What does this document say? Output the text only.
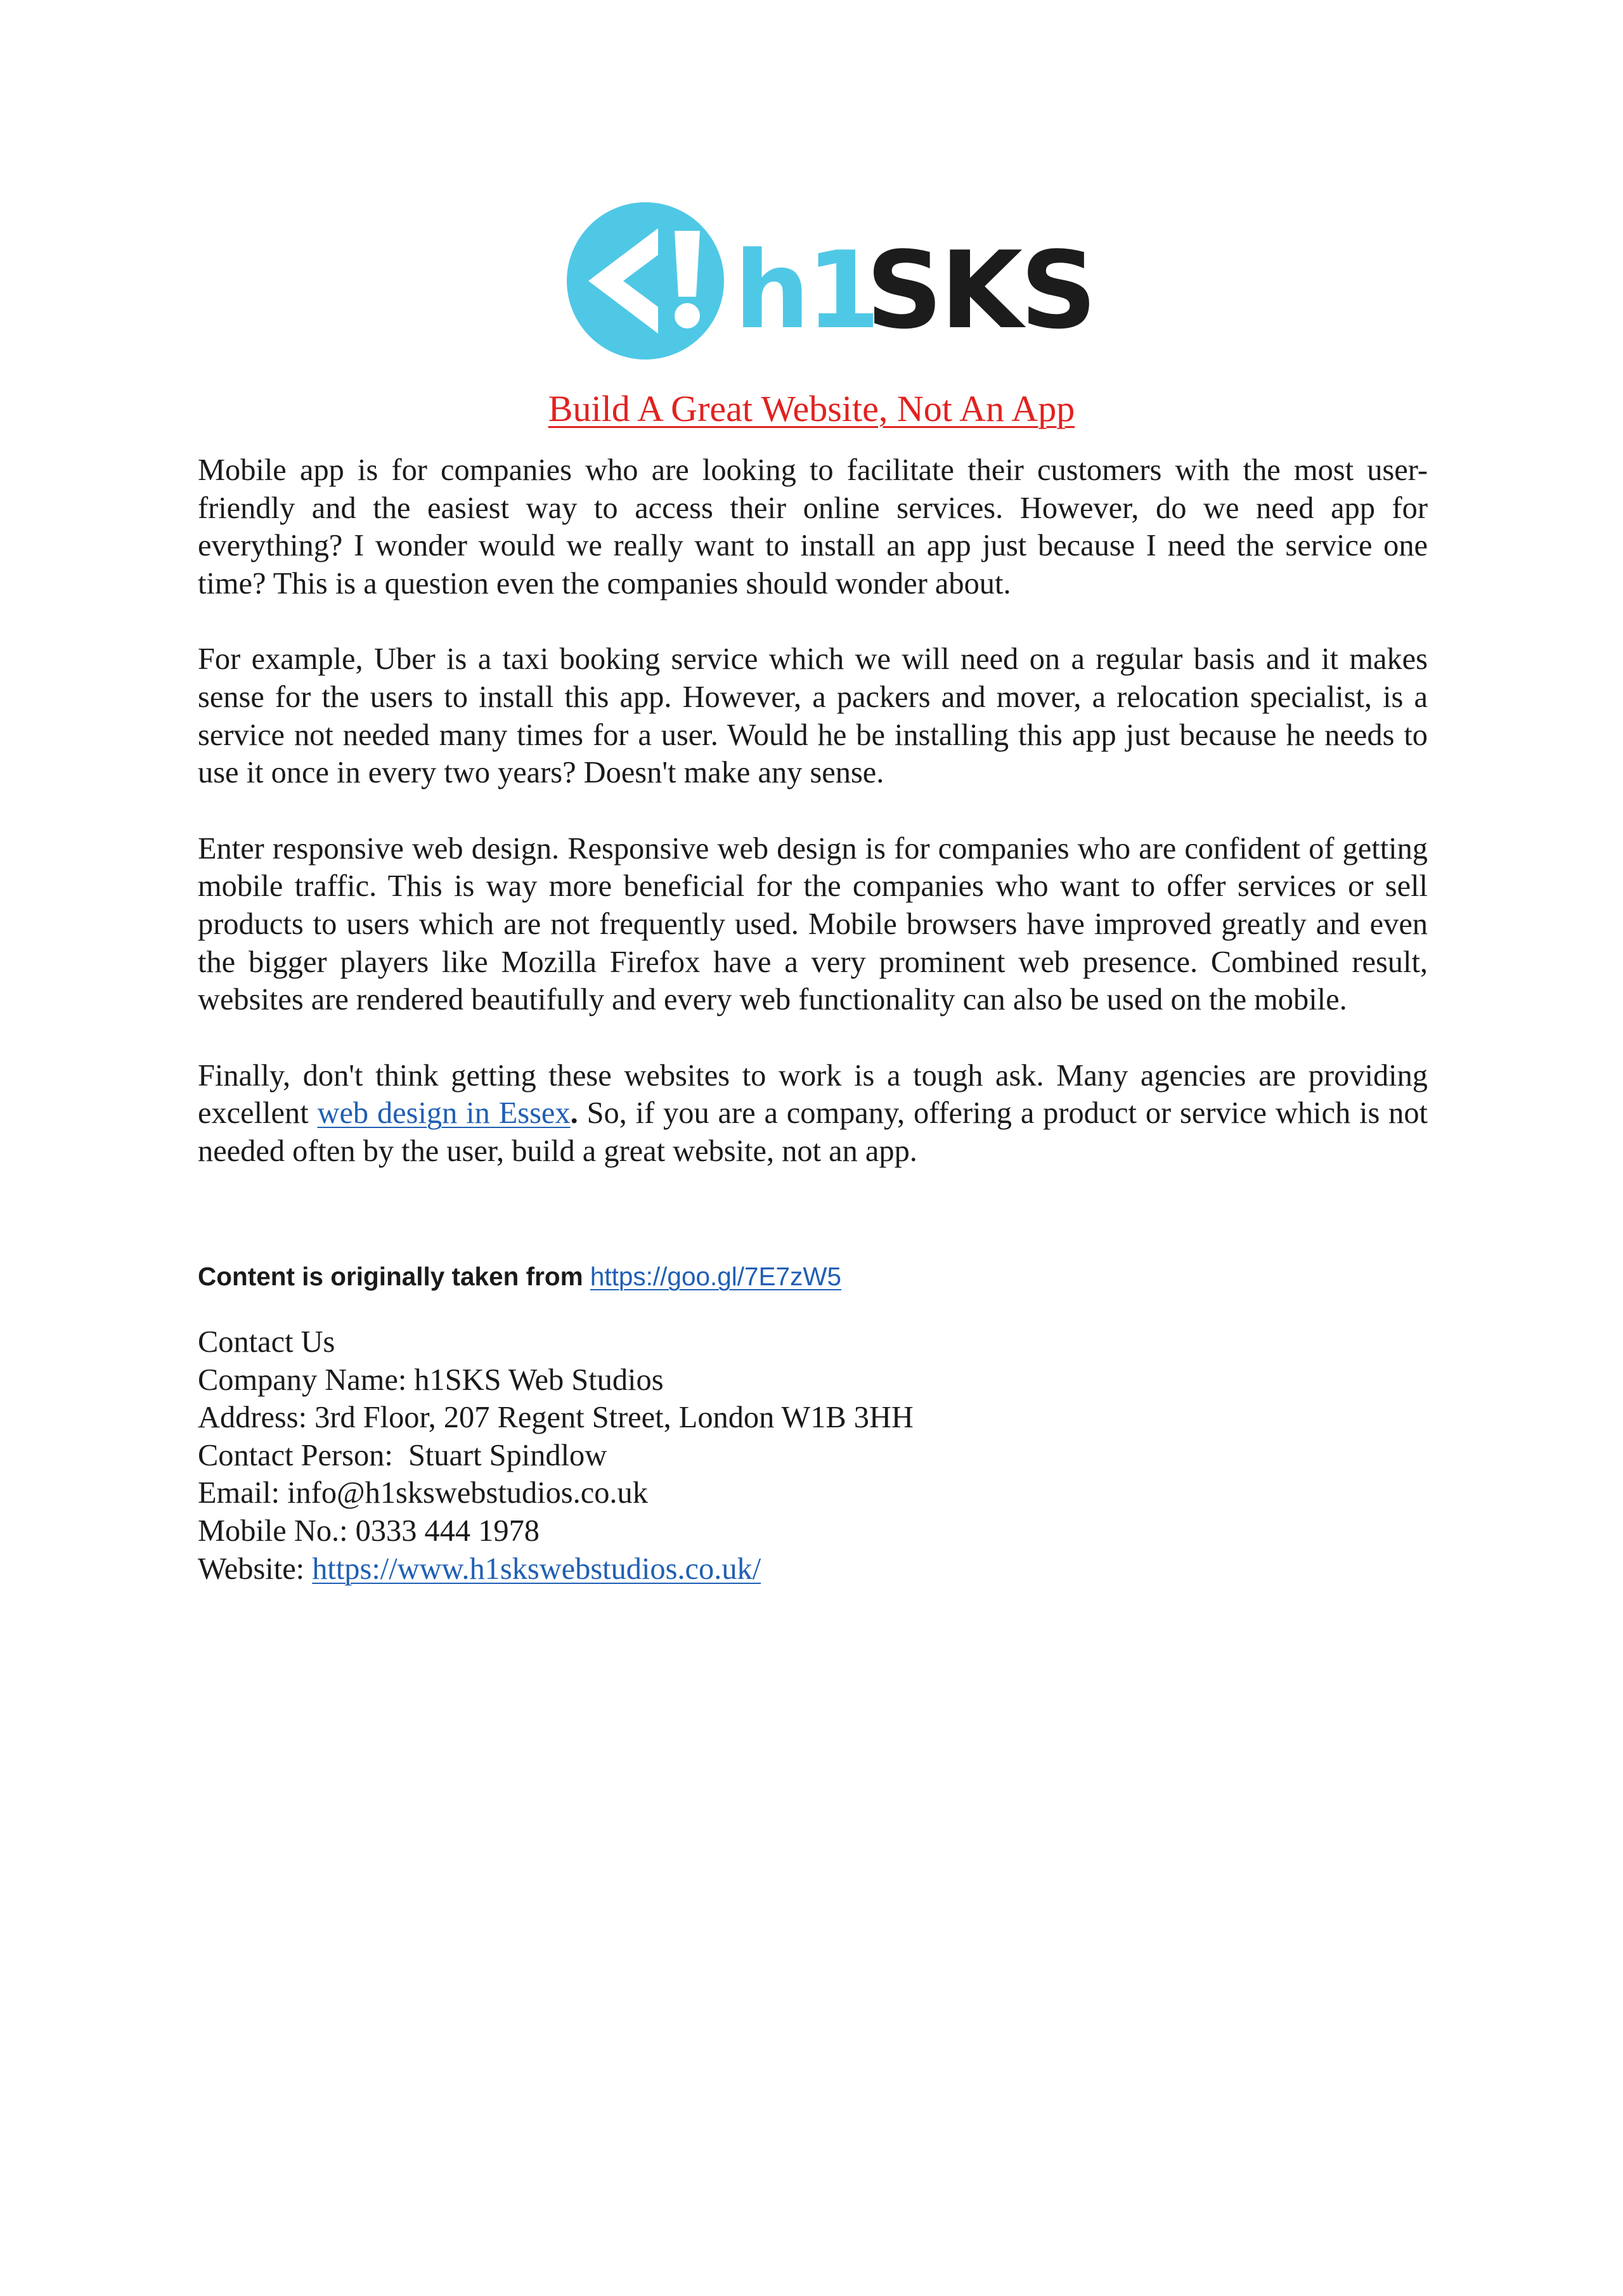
h1
SKS
Build A Great Website, Not An App

Mobile app is for companies who are looking to facilitate their customers with the most user-friendly and the easiest way to access their online services. However, do we need app for everything? I wonder would we really want to install an app just because I need the service one time? This is a question even the companies should wonder about.

For example, Uber is a taxi booking service which we will need on a regular basis and it makes sense for the users to install this app. However, a packers and mover, a relocation specialist, is a service not needed many times for a user. Would he be installing this app just because he needs to use it once in every two years? Doesn't make any sense.

Enter responsive web design. Responsive web design is for companies who are confident of getting mobile traffic. This is way more beneficial for the companies who want to offer services or sell products to users which are not frequently used. Mobile browsers have improved greatly and even the bigger players like Mozilla Firefox have a very prominent web presence. Combined result, websites are rendered beautifully and every web functionality can also be used on the mobile.

Finally, don't think getting these websites to work is a tough ask. Many agencies are providing excellent web design in Essex. So, if you are a company, offering a product or service which is not needed often by the user, build a great website, not an app.

Content is originally taken from https://goo.gl/7E7zW5
Contact Us
Company Name: h1SKS Web Studios
Address: 3rd Floor, 207 Regent Street, London W1B 3HH
Contact Person:  Stuart Spindlow
Email: info@h1skswebstudios.co.uk
Mobile No.: 0333 444 1978
Website: https://www.h1skswebstudios.co.uk/
